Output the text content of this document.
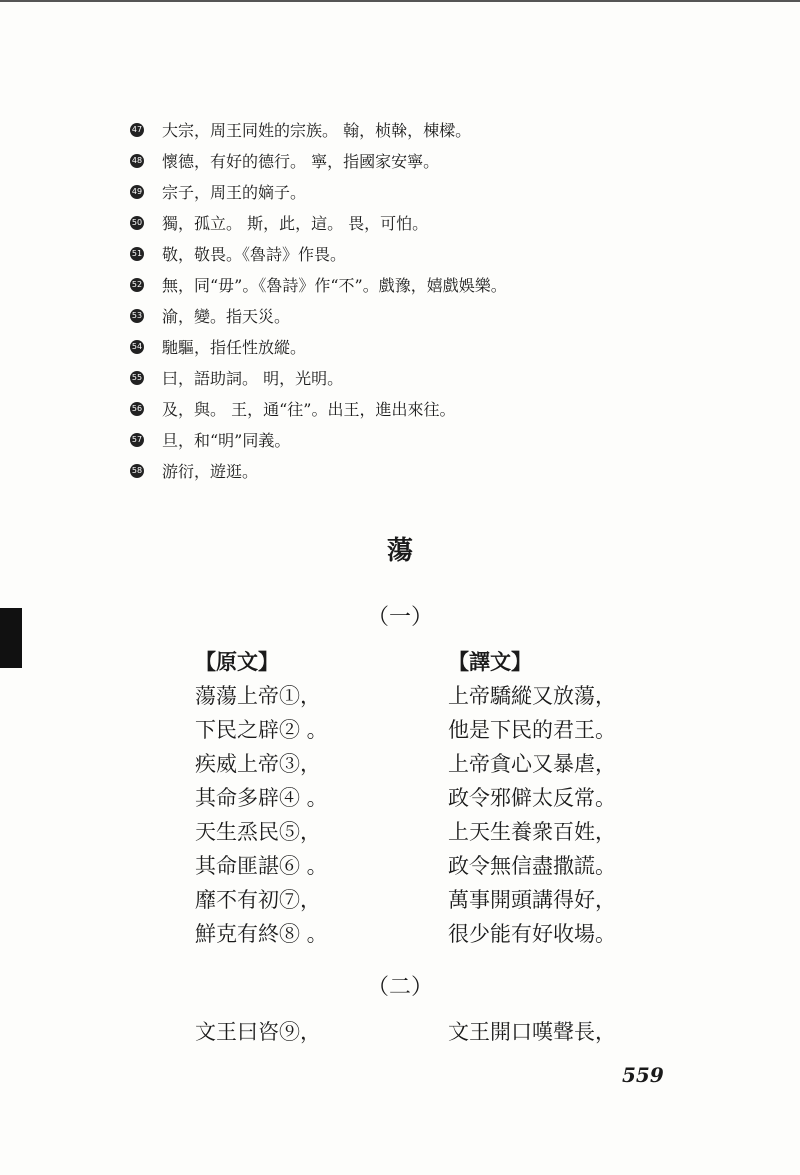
47 大宗，周王同姓的宗族。 翰，桢榦，棟樑。
48 懷德，有好的德行。 寧，指國家安寧。
49 宗子，周王的嫡子。
50 獨，孤立。 斯，此，這。 畏，可怕。
51 敬，敬畏。《魯詩》作畏。
52 無，同“毋”。《魯詩》作“不”。戲豫，嬉戲娛樂。
53 渝，變。指天災。
54 馳驅，指任性放縱。
55 曰，語助詞。 明，光明。
56 及，與。 王，通“往”。出王，進出來往。
57 旦，和“明”同義。
58 游衍，遊逛。
蕩
（一）
【原文】
蕩蕩上帝①，
下民之辟② 。
疾威上帝③，
其命多辟④ 。
天生烝民⑤，
其命匪諶⑥ 。
靡不有初⑦，
鮮克有終⑧ 。
【譯文】
上帝驕縱又放蕩，
他是下民的君王。
上帝貪心又暴虐，
政令邪僻太反常。
上天生養衆百姓，
政令無信盡撒謊。
萬事開頭講得好，
很少能有好收場。
（二）
文王曰咨⑨，	文王開口嘆聲長，
559
